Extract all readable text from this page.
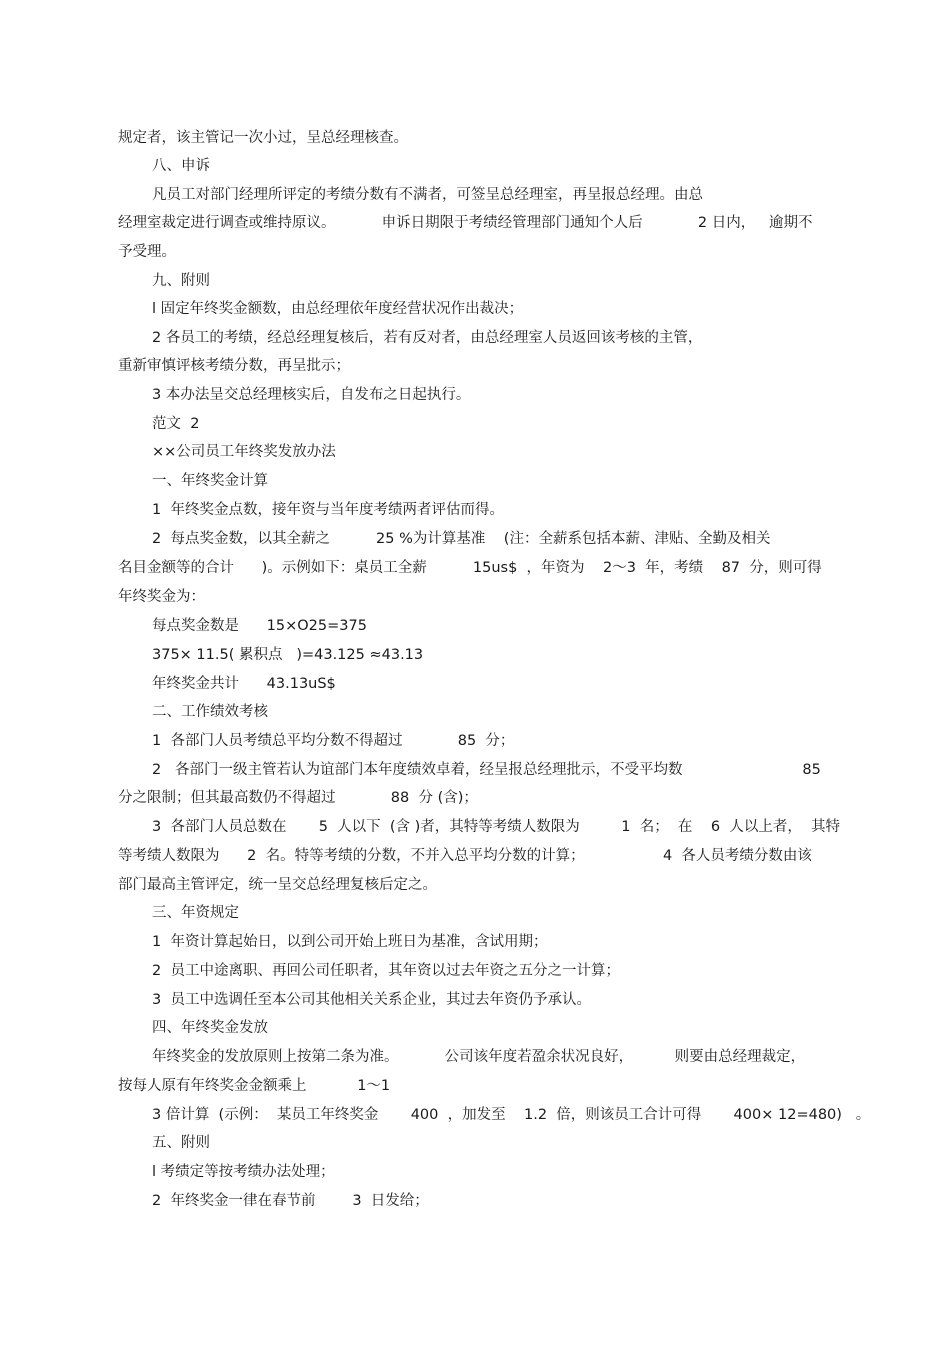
规定者，该主管记一次小过，呈总经理核查。
八、申诉
凡员工对部门经理所评定的考绩分数有不满者，可签呈总经理室，再呈报总经理。由总
经理室裁定进行调查或维持原议。          申诉日期限于考绩经管理部门通知个人后            2 日内，   逾期不
予受理。
九、附则
l 固定年终奖金额数，由总经理依年度经营状况作出裁决；
2 各员工的考绩，经总经理复核后，若有反对者，由总经理室人员返回该考核的主管，
重新审慎评核考绩分数，再呈批示；
3 本办法呈交总经理核实后，自发布之日起执行。
范文  2
××公司员工年终奖发放办法
一、年终奖金计算
1  年终奖金点数，接年资与当年度考绩两者评估而得。
2  每点奖金数，以其全薪之          25 %为计算基准    (注：全薪系包括本薪、津贴、全勤及相关
名目金额等的合计      )。示例如下：桌员工全薪          15us$  ，年资为    2～3  年，考绩    87  分，则可得
年终奖金为：
每点奖金数是      15×O25=375
375× 11.5( 累积点   )=43.125 ≈43.13
年终奖金共计      43.13uS$
二、工作绩效考核
1  各部门人员考绩总平均分数不得超过            85  分；
2   各部门一级主管若认为谊部门本年度绩效卓着，经呈报总经理批示，不受平均数                          85
分之限制；但其最高数仍不得超过            88  分 (含)；
3  各部门人员总数在       5  人以下  (含 )者，其特等考绩人数限为         1  名；  在    6  人以上者，  其特
等考绩人数限为      2  名。特等考绩的分数，不并入总平均分数的计算；                 4  各人员考绩分数由该
部门最高主管评定，统一呈交总经理复核后定之。
三、年资规定
1  年资计算起始日，以到公司开始上班日为基准，含试用期；
2  员工中途离职、再回公司任职者，其年资以过去年资之五分之一计算；
3  员工中选调任至本公司其他相关关系企业，其过去年资仍予承认。
四、年终奖金发放
年终奖金的发放原则上按第二条为准。          公司该年度若盈余状况良好，         则要由总经理裁定，
按每人原有年终奖金金额乘上           1～1
3 倍计算  (示例：  某员工年终奖金       400  ，加发至    1.2  倍，则该员工合计可得       400× 12=480)   。
五、附则
l 考绩定等按考绩办法处理；
2  年终奖金一律在春节前        3  日发给；
